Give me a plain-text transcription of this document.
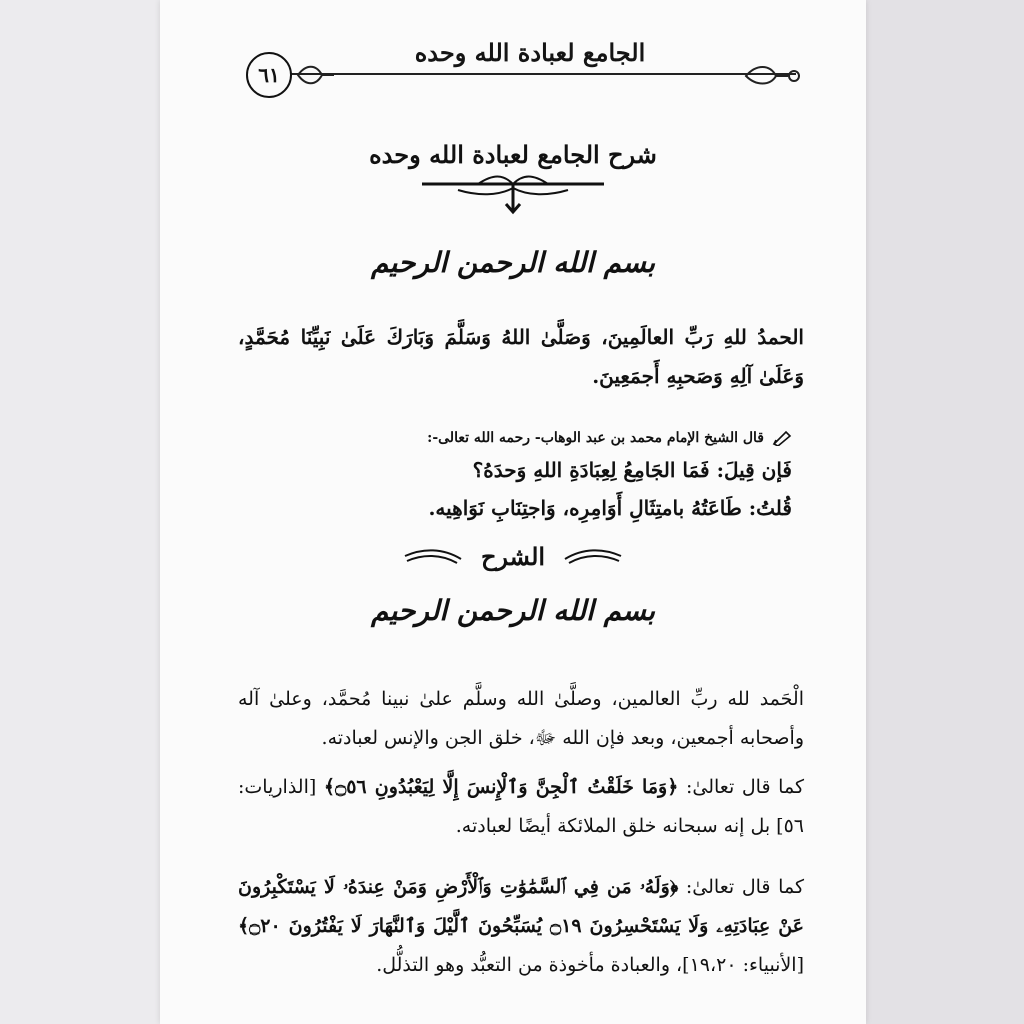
الجامع لعبادة الله وحده
٦١
شرح الجامع لعبادة الله وحده
بسم الله الرحمن الرحيم
الحمدُ للهِ رَبِّ العالَمِينَ، وَصَلَّىٰ اللهُ وَسَلَّمَ وَبَارَكَ عَلَىٰ نَبِيِّنَا مُحَمَّدٍ، وَعَلَىٰ آلِهِ وَصَحبِهِ أَجمَعِينَ.
قال الشيخ الإمام محمد بن عبد الوهاب- رحمه الله تعالى-:
فَإن قِيلَ: فَمَا الجَامِعُ لِعِبَادَةِ اللهِ وَحدَهُ؟
قُلتُ: طَاعَتُهُ بامتِثَالِ أَوَامِرِه، وَاجتِنَابِ نَوَاهِيه.
الشرح
بسم الله الرحمن الرحيم
الْحَمد لله ربِّ العالمين، وصلَّىٰ الله وسلَّم علىٰ نبينا مُحمَّد، وعلىٰ آله وأصحابه أجمعين، وبعد فإن الله ﷻ، خلق الجن والإنس لعبادته.
كما قال تعالىٰ: ﴿وَمَا خَلَقْتُ ٱلْجِنَّ وَٱلْإِنسَ إِلَّا لِيَعْبُدُونِ ۝٥٦﴾ [الذاريات: ٥٦] بل إنه سبحانه خلق الملائكة أيضًا لعبادته.
كما قال تعالىٰ: ﴿وَلَهُۥ مَن فِي ٱلسَّمَٰوَٰتِ وَٱلْأَرْضِ وَمَنْ عِندَهُۥ لَا يَسْتَكْبِرُونَ عَنْ عِبَادَتِهِۦ وَلَا يَسْتَحْسِرُونَ ۝١٩ يُسَبِّحُونَ ٱلَّيْلَ وَٱلنَّهَارَ لَا يَفْتُرُونَ ۝٢٠﴾ [الأنبياء: ١٩،٢٠]، والعبادة مأخوذة من التعبُّد وهو التذلُّل.
